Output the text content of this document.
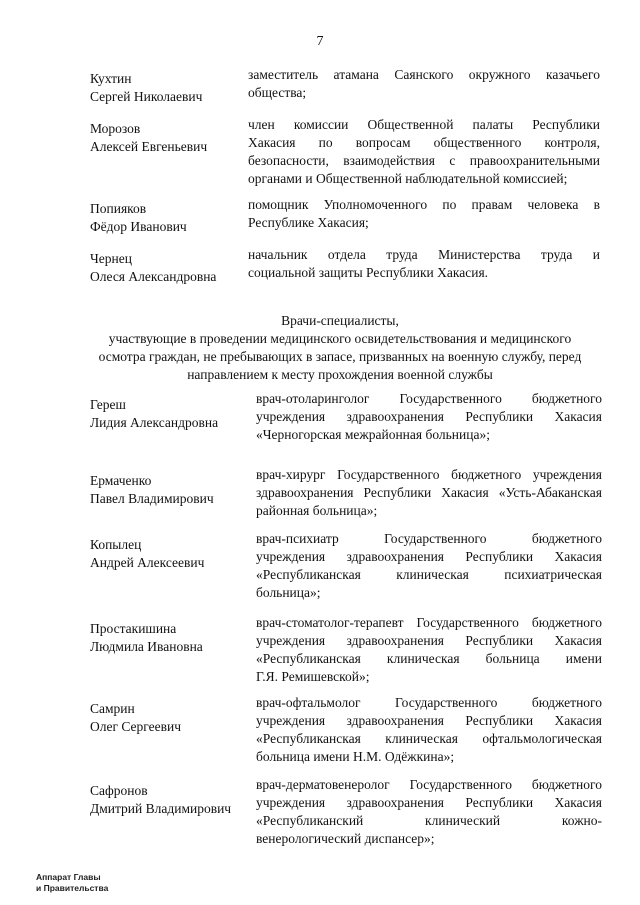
7
Кухтин
Сергей Николаевич
заместитель атамана Саянского окружного казачьего
общества;
Морозов
Алексей Евгеньевич
член комиссии Общественной палаты Республики
Хакасия по вопросам общественного контроля,
безопасности, взаимодействия с правоохранительными
органами и Общественной наблюдательной комиссией;
Попияков
Фёдор Иванович
помощник Уполномоченного по правам человека в
Республике Хакасия;
Чернец
Олеся Александровна
начальник отдела труда Министерства труда и
социальной защиты Республики Хакасия.
Врачи-специалисты,
участвующие в проведении медицинского освидетельствования и медицинского
осмотра граждан, не пребывающих в запасе, призванных на военную службу, перед
направлением к месту прохождения военной службы
Гереш
Лидия Александровна
врач-отоларинголог Государственного бюджетного
учреждения здравоохранения Республики Хакасия
«Черногорская межрайонная больница»;
Ермаченко
Павел Владимирович
врач-хирург Государственного бюджетного учреждения
здравоохранения Республики Хакасия «Усть-Абаканская
районная больница»;
Копылец
Андрей Алексеевич
врач-психиатр Государственного бюджетного
учреждения здравоохранения Республики Хакасия
«Республиканская клиническая психиатрическая
больница»;
Простакишина
Людмила Ивановна
врач-стоматолог-терапевт Государственного бюджетного
учреждения здравоохранения Республики Хакасия
«Республиканская клиническая больница имени
Г.Я. Ремишевской»;
Самрин
Олег Сергеевич
врач-офтальмолог Государственного бюджетного
учреждения здравоохранения Республики Хакасия
«Республиканская клиническая офтальмологическая
больница имени Н.М. Одёжкина»;
Сафронов
Дмитрий Владимирович
врач-дерматовенеролог Государственного бюджетного
учреждения здравоохранения Республики Хакасия
«Республиканский клинический кожно-
венерологический диспансер»;
Аппарат Главы
и Правительства
